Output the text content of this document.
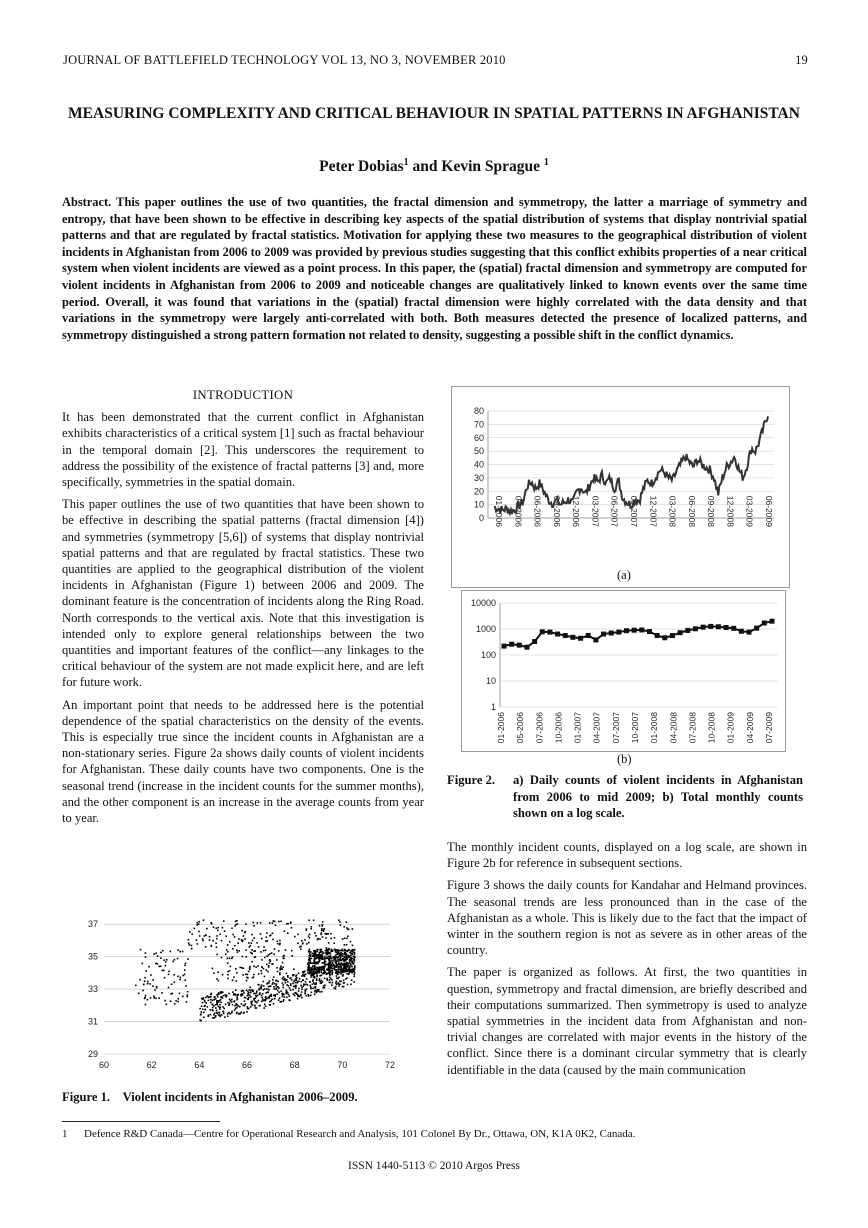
JOURNAL OF BATTLEFIELD TECHNOLOGY VOL 13, NO 3, NOVEMBER 2010	19
MEASURING COMPLEXITY AND CRITICAL BEHAVIOUR IN SPATIAL PATTERNS IN AFGHANISTAN
Peter Dobias$^1$ and Kevin Sprague $^1$
Abstract. This paper outlines the use of two quantities, the fractal dimension and symmetropy, the latter a marriage of symmetry and entropy, that have been shown to be effective in describing key aspects of the spatial distribution of systems that display nontrivial spatial patterns and that are regulated by fractal statistics. Motivation for applying these two measures to the geographical distribution of violent incidents in Afghanistan from 2006 to 2009 was provided by previous studies suggesting that this conflict exhibits properties of a near critical system when violent incidents are viewed as a point process. In this paper, the (spatial) fractal dimension and symmetropy are computed for violent incidents in Afghanistan from 2006 to 2009 and noticeable changes are qualitatively linked to known events over the same time period. Overall, it was found that variations in the (spatial) fractal dimension were highly correlated with the data density and that variations in the symmetropy were largely anti-correlated with both. Both measures detected the presence of localized patterns, and symmetropy distinguished a strong pattern formation not related to density, suggesting a possible shift in the conflict dynamics.
INTRODUCTION

It has been demonstrated that the current conflict in Afghanistan exhibits characteristics of a critical system [1] such as fractal behaviour in the temporal domain [2]. This underscores the requirement to address the possibility of the existence of fractal patterns [3] and, more specifically, symmetries in the spatial domain.

This paper outlines the use of two quantities that have been shown to be effective in describing the spatial patterns (fractal dimension [4]) and symmetries (symmetropy [5,6]) of systems that display nontrivial spatial patterns and that are regulated by fractal statistics. These two quantities are applied to the geographical distribution of the violent incidents in Afghanistan (Figure 1) between 2006 and 2009. The dominant feature is the concentration of incidents along the Ring Road. North corresponds to the vertical axis. Note that this investigation is intended only to explore general relationships between the two quantities and important features of the conflict—any linkages to the critical behaviour of the system are not made explicit here, and are left for future work.

An important point that needs to be addressed here is the potential dependence of the spatial characteristics on the density of the events. This is especially true since the incident counts in Afghanistan are a non-stationary series. Figure 2a shows daily counts of violent incidents for Afghanistan. These daily counts have two components. One is the seasonal trend (increase in the incident counts for the summer months), and the other component is an increase in the average counts from year to year.

0
10
20
30
40
50
60
70
80
01-2006 04-2006 06-2006 09-2006 12-2006 03-2007 06-2007 09-2007 12-2007 03-2008 06-2008 09-2008 12-2008 03-2009 06-2009
(a)
1
10
100
1000
10000
01-2006 05-2006 07-2006 10-2006 01-2007 04-2007 07-2007 10-2007 01-2008 04-2008 07-2008 10-2008 01-2009 04-2009 07-2009
(b)
Figure 2. a) Daily counts of violent incidents in Afghanistan from 2006 to mid 2009; b) Total monthly counts shown on a log scale.

The monthly incident counts, displayed on a log scale, are shown in Figure 2b for reference in subsequent sections.

Figure 3 shows the daily counts for Kandahar and Helmand provinces. The seasonal trends are less pronounced than in the case of the Afghanistan as a whole. This is likely due to the fact that the impact of winter in the southern region is not as severe as in other areas of the country.

The paper is organized as follows. At first, the two quantities in question, symmetropy and fractal dimension, are briefly described and their computations summarized. Then symmetropy is used to analyze spatial symmetries in the incident data from Afghanistan and non-trivial changes are correlated with major events in the history of the conflict. Since there is a dominant circular symmetry that is clearly identifiable in the data (caused by the main communication

29
31
33
35
37
60	62	64	66	68	70	72
Figure 1. Violent incidents in Afghanistan 2006–2009.
1 Defence R&D Canada—Centre for Operational Research and Analysis, 101 Colonel By Dr., Ottawa, ON, K1A 0K2, Canada.
ISSN 1440-5113 © 2010 Argos Press
